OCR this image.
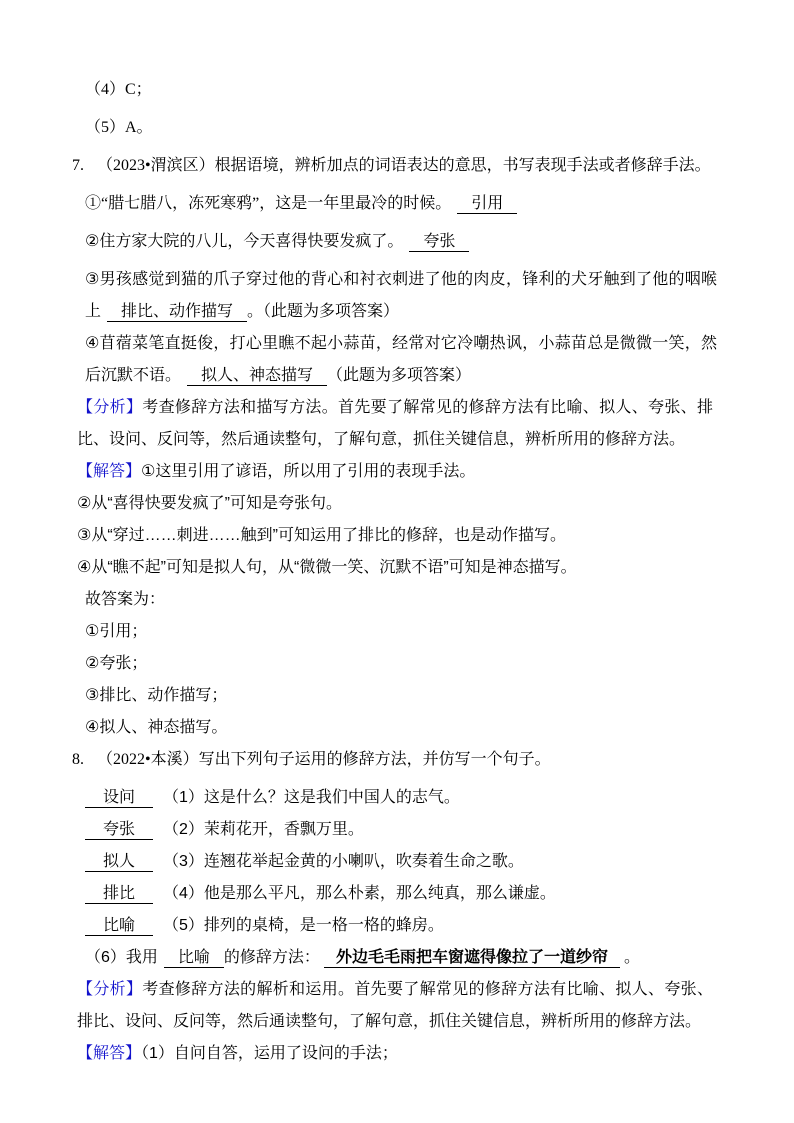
（4）C；

（5）A。

7. （2023•渭滨区）根据语境，辨析加点的词语表达的意思，书写表现手法或者修辞手法。

①“腊七腊八，冻死寒鸦”，这是一年里最冷的时候。 引用

②住方家大院的八儿，今天喜得快要发疯了。 夸张

③男孩感觉到猫的爪子穿过他的背心和衬衣刺进了他的肉皮，锋利的犬牙触到了他的咽喉上 排比、动作描写 。（此题为多项答案）

④苜蓿菜笔直挺俊，打心里瞧不起小蒜苗，经常对它冷嘲热讽，小蒜苗总是微微一笑，然后沉默不语。 拟人、神态描写 （此题为多项答案）

【分析】考查修辞方法和描写方法。首先要了解常见的修辞方法有比喻、拟人、夸张、排比、设问、反问等，然后通读整句，了解句意，抓住关键信息，辨析所用的修辞方法。

【解答】①这里引用了谚语，所以用了引用的表现手法。

②从“喜得快要发疯了”可知是夸张句。

③从“穿过……刺进……触到”可知运用了排比的修辞，也是动作描写。

④从“瞧不起”可知是拟人句，从“微微一笑、沉默不语”可知是神态描写。

故答案为：

①引用；

②夸张；

③排比、动作描写；

④拟人、神态描写。

8. （2022•本溪）写出下列句子运用的修辞方法，并仿写一个句子。

设问 （1）这是什么？这是我们中国人的志气。

夸张 （2）茉莉花开，香飘万里。

拟人 （3）连翘花举起金黄的小喇叭，吹奏着生命之歌。

排比 （4）他是那么平凡，那么朴素，那么纯真，那么谦虚。

比喻 （5）排列的桌椅，是一格一格的蜂房。

（6）我用 比喻 的修辞方法： 外边毛毛雨把车窗遮得像拉了一道纱帘 。

【分析】考查修辞方法的解析和运用。首先要了解常见的修辞方法有比喻、拟人、夸张、排比、设问、反问等，然后通读整句，了解句意，抓住关键信息，辨析所用的修辞方法。

【解答】（1）自问自答，运用了设问的手法；
